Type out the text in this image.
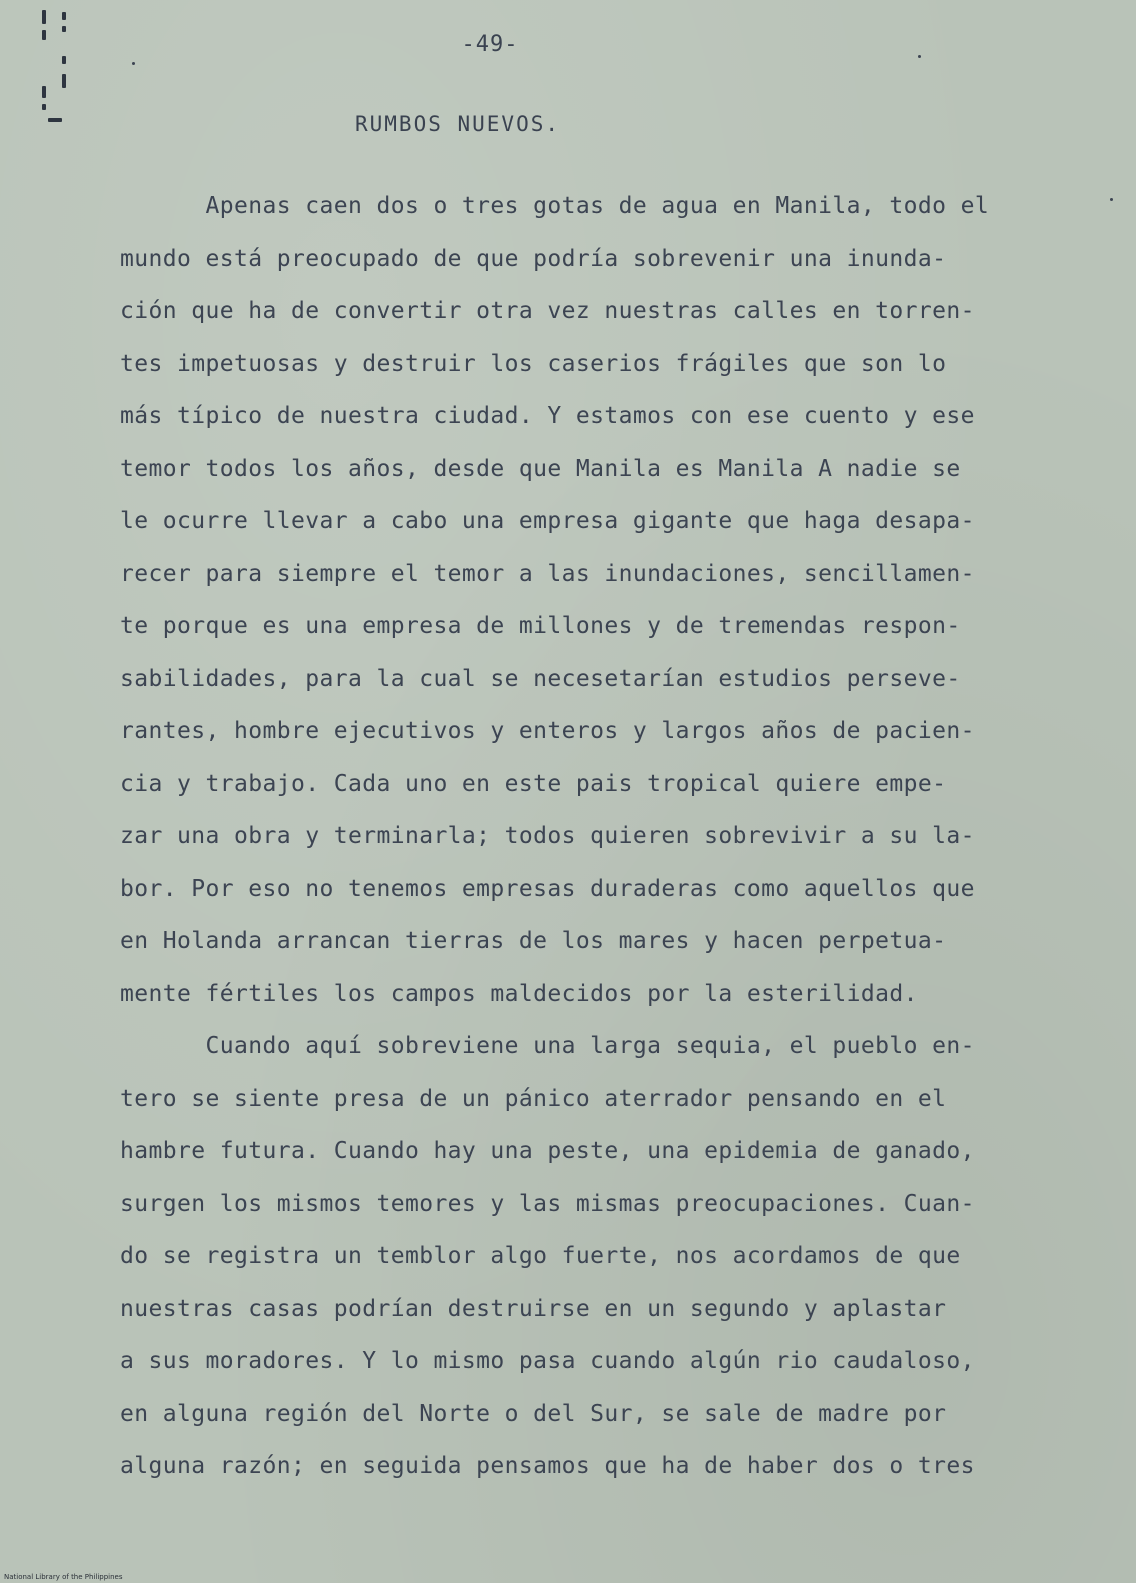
-49-
RUMBOS NUEVOS.
Apenas caen dos o tres gotas de agua en Manila, todo el
mundo está preocupado de que podría sobrevenir una inunda-
ción que ha de convertir otra vez nuestras calles en torren-
tes impetuosas y destruir los caserios frágiles que son lo
más típico de nuestra ciudad. Y estamos con ese cuento y ese
temor todos los años, desde que Manila es Manila A nadie se
le ocurre llevar a cabo una empresa gigante que haga desapa-
recer para siempre el temor a las inundaciones, sencillamen-
te porque es una empresa de millones y de tremendas respon-
sabilidades, para la cual se necesetarían estudios perseve-
rantes, hombre ejecutivos y enteros y largos años de pacien-
cia y trabajo. Cada uno en este pais tropical quiere empe-
zar una obra y terminarla; todos quieren sobrevivir a su la-
bor. Por eso no tenemos empresas duraderas como aquellos que
en Holanda arrancan tierras de los mares y hacen perpetua-
mente fértiles los campos maldecidos por la esterilidad.
Cuando aquí sobreviene una larga sequia, el pueblo en-
tero se siente presa de un pánico aterrador pensando en el
hambre futura. Cuando hay una peste, una epidemia de ganado,
surgen los mismos temores y las mismas preocupaciones. Cuan-
do se registra un temblor algo fuerte, nos acordamos de que
nuestras casas podrían destruirse en un segundo y aplastar
a sus moradores. Y lo mismo pasa cuando algún rio caudaloso,
en alguna región del Norte o del Sur, se sale de madre por
alguna razón; en seguida pensamos que ha de haber dos o tres
National Library of the Philippines
